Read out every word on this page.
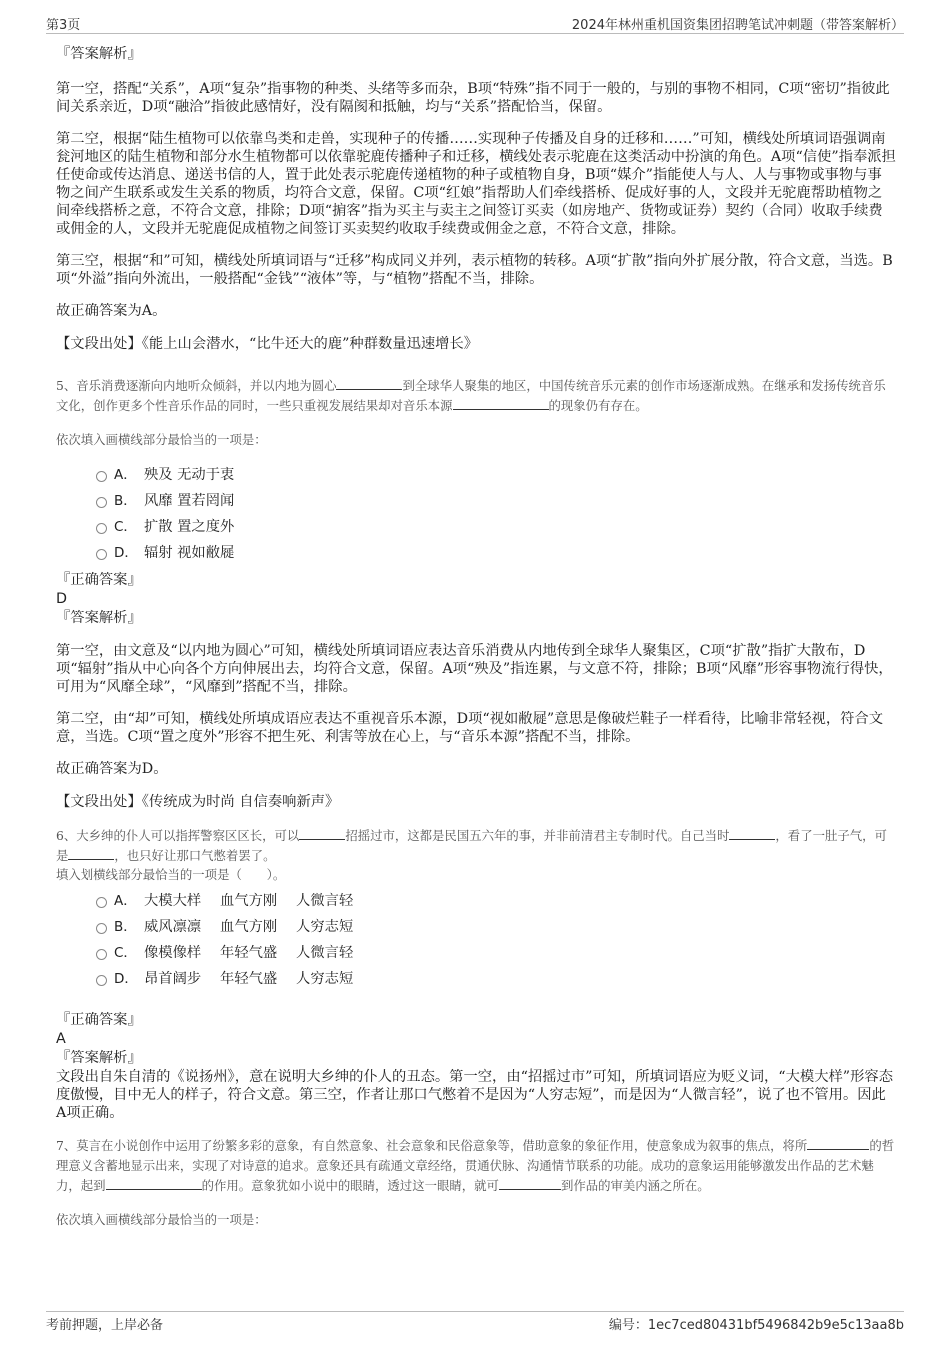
第3页	2024年林州重机国资集团招聘笔试冲刺题（带答案解析）

『答案解析』

第一空，搭配“关系”，A项“复杂”指事物的种类、头绪等多而杂，B项“特殊”指不同于一般的，与别的事物不相同，C项“密切”指彼此间关系亲近，D项“融洽”指彼此感情好，没有隔阂和抵触，均与“关系”搭配恰当，保留。

第二空，根据“陆生植物可以依靠鸟类和走兽，实现种子的传播……实现种子传播及自身的迁移和……”可知，横线处所填词语强调南瓮河地区的陆生植物和部分水生植物都可以依靠驼鹿传播种子和迁移，横线处表示驼鹿在这类活动中扮演的角色。A项“信使”指奉派担任使命或传达消息、递送书信的人，置于此处表示驼鹿传递植物的种子或植物自身，B项“媒介”指能使人与人、人与事物或事物与事物之间产生联系或发生关系的物质，均符合文意，保留。C项“红娘”指帮助人们牵线搭桥、促成好事的人，文段并无驼鹿帮助植物之间牵线搭桥之意，不符合文意，排除；D项“掮客”指为买主与卖主之间签订买卖（如房地产、货物或证券）契约（合同）收取手续费或佣金的人，文段并无驼鹿促成植物之间签订买卖契约收取手续费或佣金之意，不符合文意，排除。

第三空，根据“和”可知，横线处所填词语与“迁移”构成同义并列，表示植物的转移。A项“扩散”指向外扩展分散，符合文意，当选。B项“外溢”指向外流出，一般搭配“金钱”“液体”等，与“植物”搭配不当，排除。

故正确答案为A。

【文段出处】《能上山会潜水，“比牛还大的鹿”种群数量迅速增长》

5、音乐消费逐渐向内地听众倾斜，并以内地为圆心	到全球华人聚集的地区，中国传统音乐元素的创作市场逐渐成熟。在继承和发扬传统音乐文化，创作更多个性音乐作品的同时，一些只重视发展结果却对音乐本源	的现象仍有存在。

依次填入画横线部分最恰当的一项是：

A． 殃及 无动于衷
B． 风靡 置若罔闻
C． 扩散 置之度外
D． 辐射 视如敝屣

『正确答案』

D

『答案解析』

第一空，由文意及“以内地为圆心”可知，横线处所填词语应表达音乐消费从内地传到全球华人聚集区，C项“扩散”指扩大散布，D项“辐射”指从中心向各个方向伸展出去，均符合文意，保留。A项“殃及”指连累，与文意不符，排除；B项“风靡”形容事物流行得快，可用为“风靡全球”，“风靡到”搭配不当，排除。

第二空，由“却”可知，横线处所填成语应表达不重视音乐本源，D项“视如敝屣”意思是像破烂鞋子一样看待，比喻非常轻视，符合文意，当选。C项“置之度外”形容不把生死、利害等放在心上，与“音乐本源”搭配不当，排除。

故正确答案为D。

【文段出处】《传统成为时尚 自信奏响新声》

6、大乡绅的仆人可以指挥警察区区长，可以	招摇过市，这都是民国五六年的事，并非前清君主专制时代。自己当时	，看了一肚子气，可是	，也只好让那口气憋着罢了。

填入划横线部分最恰当的一项是（　　）。

A． 大模大样　 血气方刚　 人微言轻
B． 威风凛凛　 血气方刚　 人穷志短
C． 像模像样　 年轻气盛　 人微言轻
D． 昂首阔步　 年轻气盛　 人穷志短

『正确答案』

A

『答案解析』

文段出自朱自清的《说扬州》，意在说明大乡绅的仆人的丑态。第一空，由“招摇过市”可知，所填词语应为贬义词，“大模大样”形容态度傲慢，目中无人的样子，符合文意。第三空，作者让那口气憋着不是因为“人穷志短”，而是因为“人微言轻”，说了也不管用。因此A项正确。

7、莫言在小说创作中运用了纷繁多彩的意象，有自然意象、社会意象和民俗意象等，借助意象的象征作用，使意象成为叙事的焦点，将所	的哲理意义含蓄地显示出来，实现了对诗意的追求。意象还具有疏通文章经络，贯通伏脉、沟通情节联系的功能。成功的意象运用能够激发出作品的艺术魅力，起到	的作用。意象犹如小说中的眼睛，透过这一眼睛，就可	到作品的审美内涵之所在。

依次填入画横线部分最恰当的一项是：

考前押题，上岸必备	编号：1ec7ced80431bf5496842b9e5c13aa8b
